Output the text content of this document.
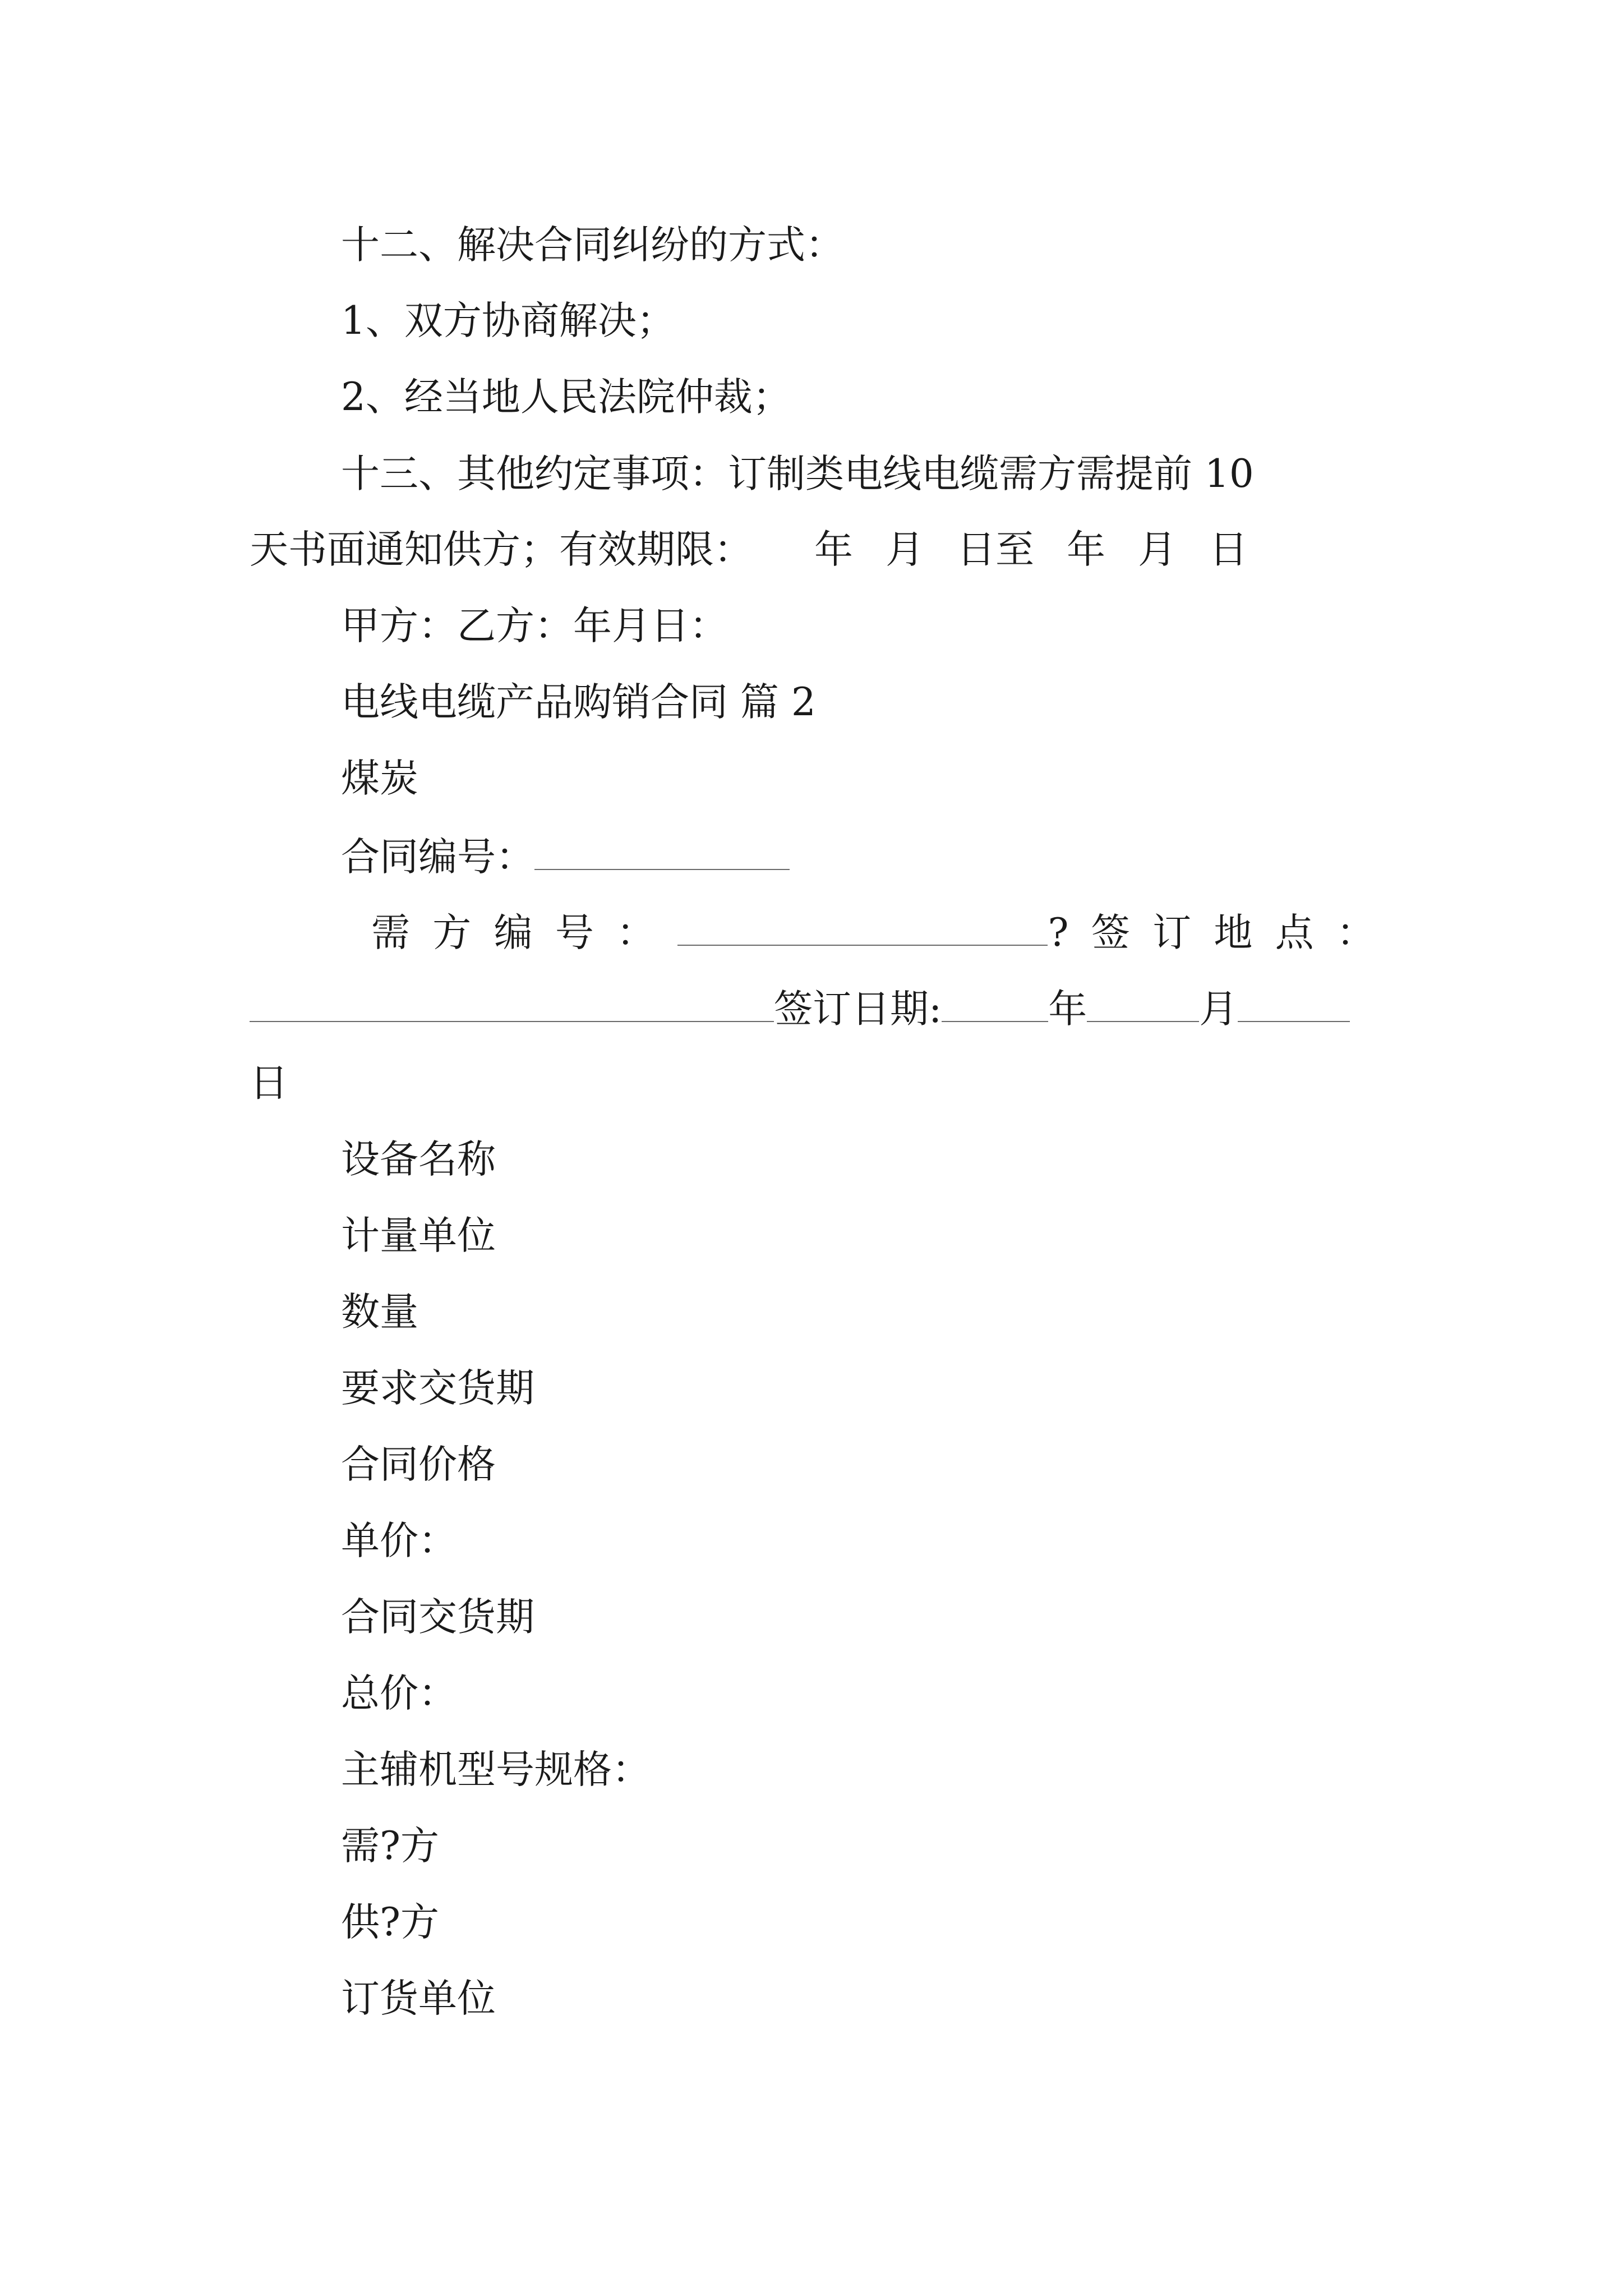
十二、解决合同纠纷的方式：
1、双方协商解决；
2、经当地人民法院仲裁；
十三、其他约定事项：订制类电线电缆需方需提前 10
天书面通知供方；有效期限： 年 月 日至 年 月 日
甲方：乙方：年月日：
电线电缆产品购销合同 篇 2
煤炭
合同编号：
需 方 编 号 ：	? 签 订 地 点 ：
签订日期:	年	月
日
设备名称
计量单位
数量
要求交货期
合同价格
单价：
合同交货期
总价：
主辅机型号规格：
需?方
供?方
订货单位
